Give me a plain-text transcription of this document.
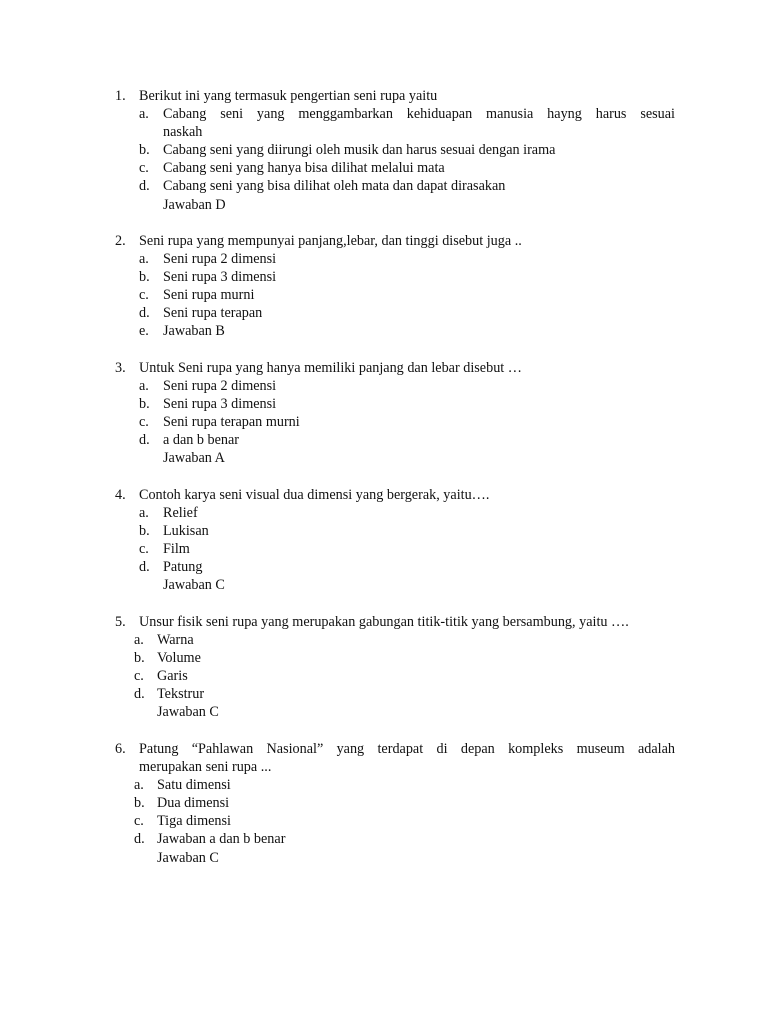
1. Berikut ini yang termasuk pengertian seni rupa yaitu
a. Cabang seni yang menggambarkan kehiduapan manusia hayng harus sesuai
naskah
b. Cabang seni yang diirungi oleh musik dan harus sesuai dengan irama
c. Cabang seni yang hanya bisa dilihat melalui mata
d. Cabang seni yang bisa dilihat oleh mata dan dapat dirasakan
Jawaban D
2. Seni rupa yang mempunyai panjang,lebar, dan tinggi disebut juga ..
a. Seni rupa 2 dimensi
b. Seni rupa 3 dimensi
c. Seni rupa murni
d. Seni rupa terapan
e. Jawaban B
3. Untuk Seni rupa yang hanya memiliki panjang dan lebar disebut …
a. Seni rupa 2 dimensi
b. Seni rupa 3 dimensi
c. Seni rupa terapan murni
d. a dan b benar
Jawaban A
4. Contoh karya seni visual dua dimensi yang bergerak, yaitu….
a. Relief
b. Lukisan
c. Film
d. Patung
Jawaban C
5. Unsur fisik seni rupa yang merupakan gabungan titik-titik yang bersambung, yaitu ….
a. Warna
b. Volume
c. Garis
d. Tekstrur
Jawaban C
6. Patung “Pahlawan Nasional” yang terdapat di depan kompleks museum adalah
merupakan seni rupa ...
a. Satu dimensi
b. Dua dimensi
c. Tiga dimensi
d. Jawaban a dan b benar
Jawaban C
